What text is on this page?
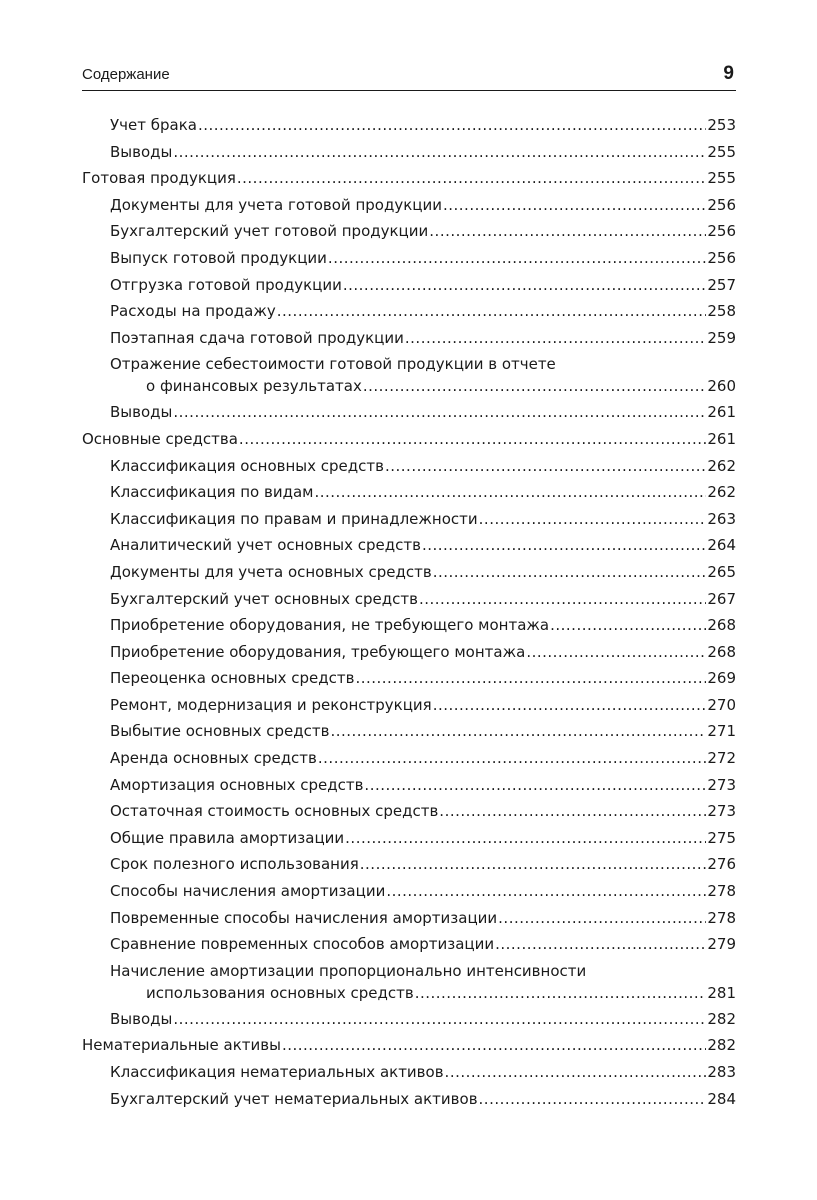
Содержание	9
Учет брака .....	253
Выводы .....	255
Готовая продукция .....	255
Документы для учета готовой продукции .....	256
Бухгалтерский учет готовой продукции .....	256
Выпуск готовой продукции .....	256
Отгрузка готовой продукции .....	257
Расходы на продажу .....	258
Поэтапная сдача готовой продукции .....	259
Отражение себестоимости готовой продукции в отчете
о финансовых результатах .....	260
Выводы .....	261
Основные средства .....	261
Классификация основных средств .....	262
Классификация по видам .....	262
Классификация по правам и принадлежности .....	263
Аналитический учет основных средств .....	264
Документы для учета основных средств .....	265
Бухгалтерский учет основных средств .....	267
Приобретение оборудования, не требующего монтажа .....	268
Приобретение оборудования, требующего монтажа .....	268
Переоценка основных средств .....	269
Ремонт, модернизация и реконструкция .....	270
Выбытие основных средств .....	271
Аренда основных средств .....	272
Амортизация основных средств .....	273
Остаточная стоимость основных средств .....	273
Общие правила амортизации .....	275
Срок полезного использования .....	276
Способы начисления амортизации .....	278
Повременные способы начисления амортизации .....	278
Сравнение повременных способов амортизации .....	279
Начисление амортизации пропорционально интенсивности
использования основных средств .....	281
Выводы .....	282
Нематериальные активы .....	282
Классификация нематериальных активов .....	283
Бухгалтерский учет нематериальных активов .....	284
